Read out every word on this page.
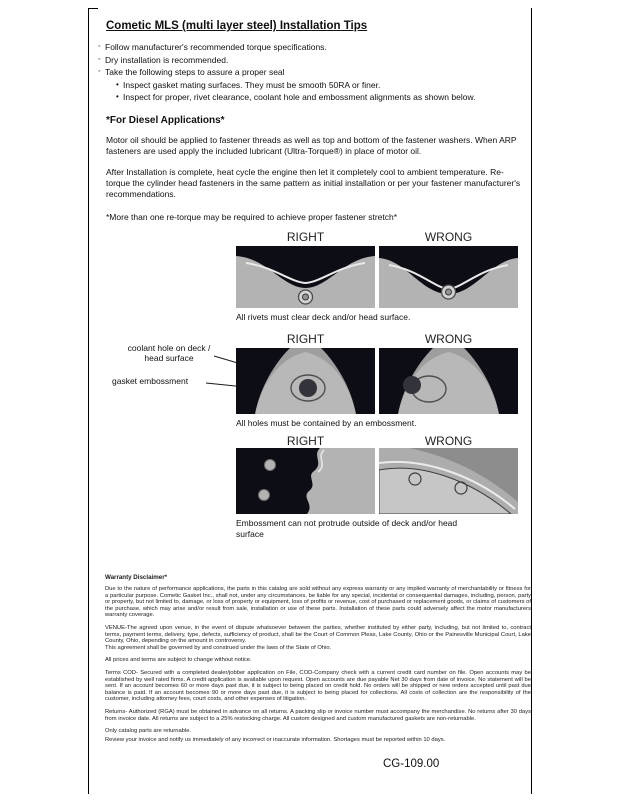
Cometic MLS (multi layer steel) Installation Tips
◦ Follow manufacturer's recommended torque specifications.
◦ Dry installation is recommended.
◦ Take the following steps to assure a proper seal
• Inspect gasket mating surfaces. They must be smooth 50RA or finer.
• Inspect for proper, rivet clearance, coolant hole and embossment alignments as shown below.
*For Diesel Applications*

Motor oil should be applied to fastener threads as well as top and bottom of the fastener washers. When ARP fasteners are used apply the included lubricant (Ultra-Torque®) in place of motor oil.

After Installation is complete, heat cycle the engine then let it completely cool to ambient temperature. Re-torque the cylinder head fasteners in the same pattern as initial installation or per your fastener manufacturer's recommendations.

*More than one re-torque may be required to achieve proper fastener stretch*
RIGHT	WRONG
All rivets must clear deck and/or head surface.
RIGHT	WRONG
coolant hole on deck / head surface
gasket embossment
All holes must be contained by an embossment.
RIGHT	WRONG
Embossment can not protrude outside of deck and/or head surface
Warranty Disclaimer*

Due to the nature of performance applications, the parts in this catalog are sold without any express warranty or any implied warranty of merchantability or fitness for a particular purpose. Cometic Gasket Inc., shall not, under any circumstances, be liable for any special, incidental or consequential damages, including, person, party or property, but not limited to, damage, or loss of property or equipment, loss of profits or revenue, cost of purchased or replacement goods, or claims of customers of the purchase, which may arise and/or result from sale, installation or use of these parts. Installation of these parts could adversely affect the motor manufacturers warranty coverage.

VENUE-The agreed upon venue, in the event of dispute whatsoever between the parties, whether instituted by either party, including, but not limited to, contract terms, payment terms, delivery, type, defects, sufficiency of product, shall be the Court of Common Pleas, Lake County, Ohio or the Painesville Municipal Court, Lake County, Ohio, depending on the amount in controversy.

This agreement shall be governed by and construed under the laws of the State of Ohio.

All prices and terms are subject to change without notice.

Terms COD- Secured with a completed dealer/jobber application on File, COD-Company check with a current credit card number on file. Open accounts may be established by well rated firms. A credit application is available upon request. Open accounts are due payable Net 30 days from date of invoice. No statement will be sent. If an account becomes 60 or more days past due, it is subject to being placed on credit hold. No orders will be shipped or new orders accepted until past due balance is paid. If an account becomes 90 or more days past due, it is subject to being placed for collections. All costs of collection are the responsibility of the customer, including attorney fees, court costs, and other expenses of litigation.

Returns- Authorized (RGA) must be obtained in advance on all returns. A packing slip or invoice number must accompany the merchandise. No returns after 30 days from invoice date. All returns are subject to a 25% restocking charge. All custom designed and custom manufactured gaskets are non-returnable.

Only catalog parts are returnable.

Review your invoice and notify us immediately of any incorrect or inaccurate information. Shortages must be reported within 10 days.

CG-109.00
